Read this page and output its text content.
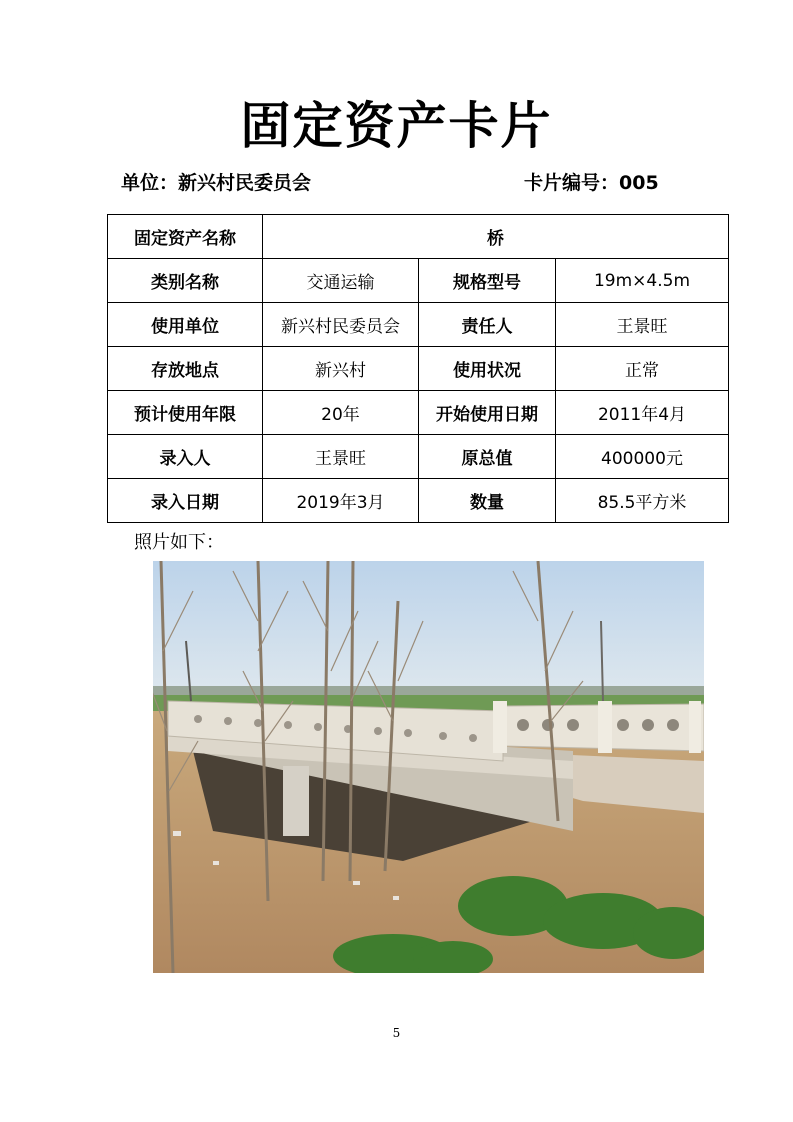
固定资产卡片
单位：新兴村民委员会	卡片编号：005
固定资产名称	桥		
类别名称	交通运输	规格型号	19m×4.5m
使用单位	新兴村民委员会	责任人	王景旺
存放地点	新兴村	使用状况	正常
预计使用年限	20年	开始使用日期	2011年4月
录入人	王景旺	原总值	400000元
录入日期	2019年3月	数量	85.5平方米
照片如下：
5
